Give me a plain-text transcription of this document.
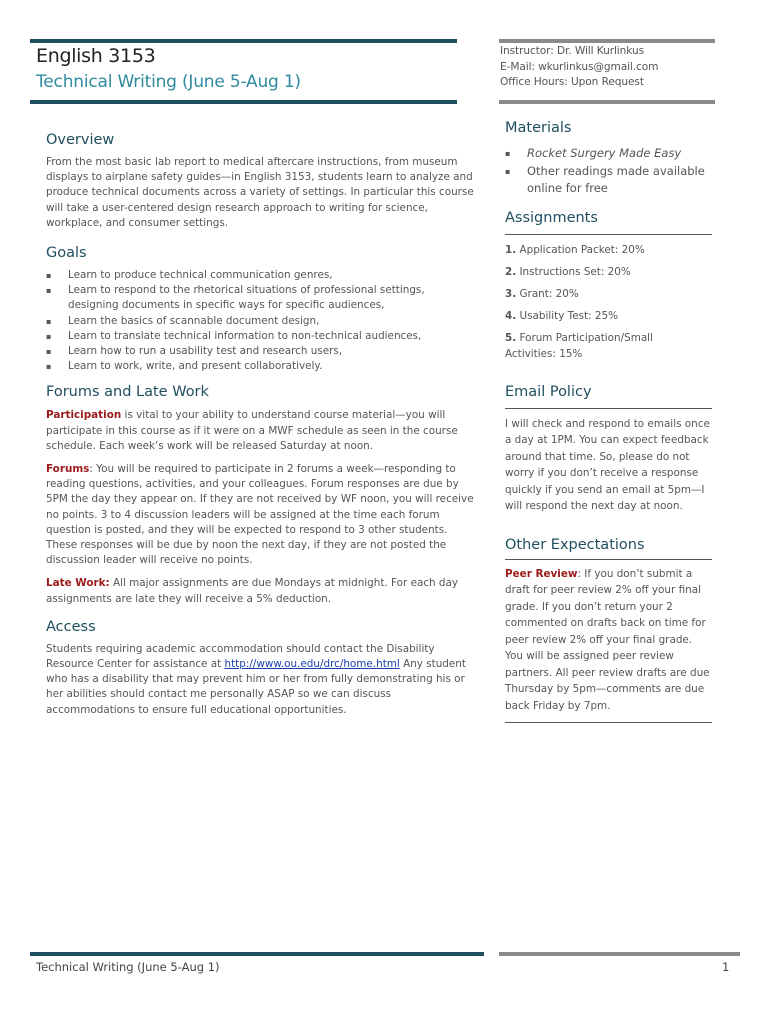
English 3153
Technical Writing (June 5-Aug 1)
Instructor: Dr. Will Kurlinkus
E-Mail: wkurlinkus@gmail.com
Office Hours: Upon Request
Overview

From the most basic lab report to medical aftercare instructions, from museum displays to airplane safety guides—in English 3153, students learn to analyze and produce technical documents across a variety of settings. In particular this course will take a user-centered design research approach to writing for science, workplace, and consumer settings.

Goals
▪ Learn to produce technical communication genres,
▪ Learn to respond to the rhetorical situations of professional settings, designing documents in specific ways for specific audiences,
▪ Learn the basics of scannable document design,
▪ Learn to translate technical information to non-technical audiences,
▪ Learn how to run a usability test and research users,
▪ Learn to work, write, and present collaboratively.
Forums and Late Work

Participation is vital to your ability to understand course material—you will participate in this course as if it were on a MWF schedule as seen in the course schedule. Each week’s work will be released Saturday at noon.

Forums: You will be required to participate in 2 forums a week—responding to reading questions, activities, and your colleagues. Forum responses are due by 5PM the day they appear on. If they are not received by WF noon, you will receive no points. 3 to 4 discussion leaders will be assigned at the time each forum question is posted, and they will be expected to respond to 3 other students. These responses will be due by noon the next day, if they are not posted the discussion leader will receive no points.

Late Work: All major assignments are due Mondays at midnight. For each day assignments are late they will receive a 5% deduction.

Access

Students requiring academic accommodation should contact the Disability Resource Center for assistance at http://www.ou.edu/drc/home.html Any student who has a disability that may prevent him or her from fully demonstrating his or her abilities should contact me personally ASAP so we can discuss accommodations to ensure full educational opportunities.

Materials
▪ Rocket Surgery Made Easy
▪ Other readings made available online for free
Assignments
1. Application Packet: 20%
2. Instructions Set: 20%
3. Grant: 20%
4. Usability Test: 25%
5. Forum Participation/Small Activities: 15%
Email Policy

I will check and respond to emails once a day at 1PM. You can expect feedback around that time. So, please do not worry if you don’t receive a response quickly if you send an email at 5pm—I will respond the next day at noon.

Other Expectations

Peer Review: If you don’t submit a draft for peer review 2% off your final grade. If you don’t return your 2 commented on drafts back on time for peer review 2% off your final grade. You will be assigned peer review partners. All peer review drafts are due Thursday by 5pm—comments are due back Friday by 7pm.

Technical Writing (June 5-Aug 1)	1
